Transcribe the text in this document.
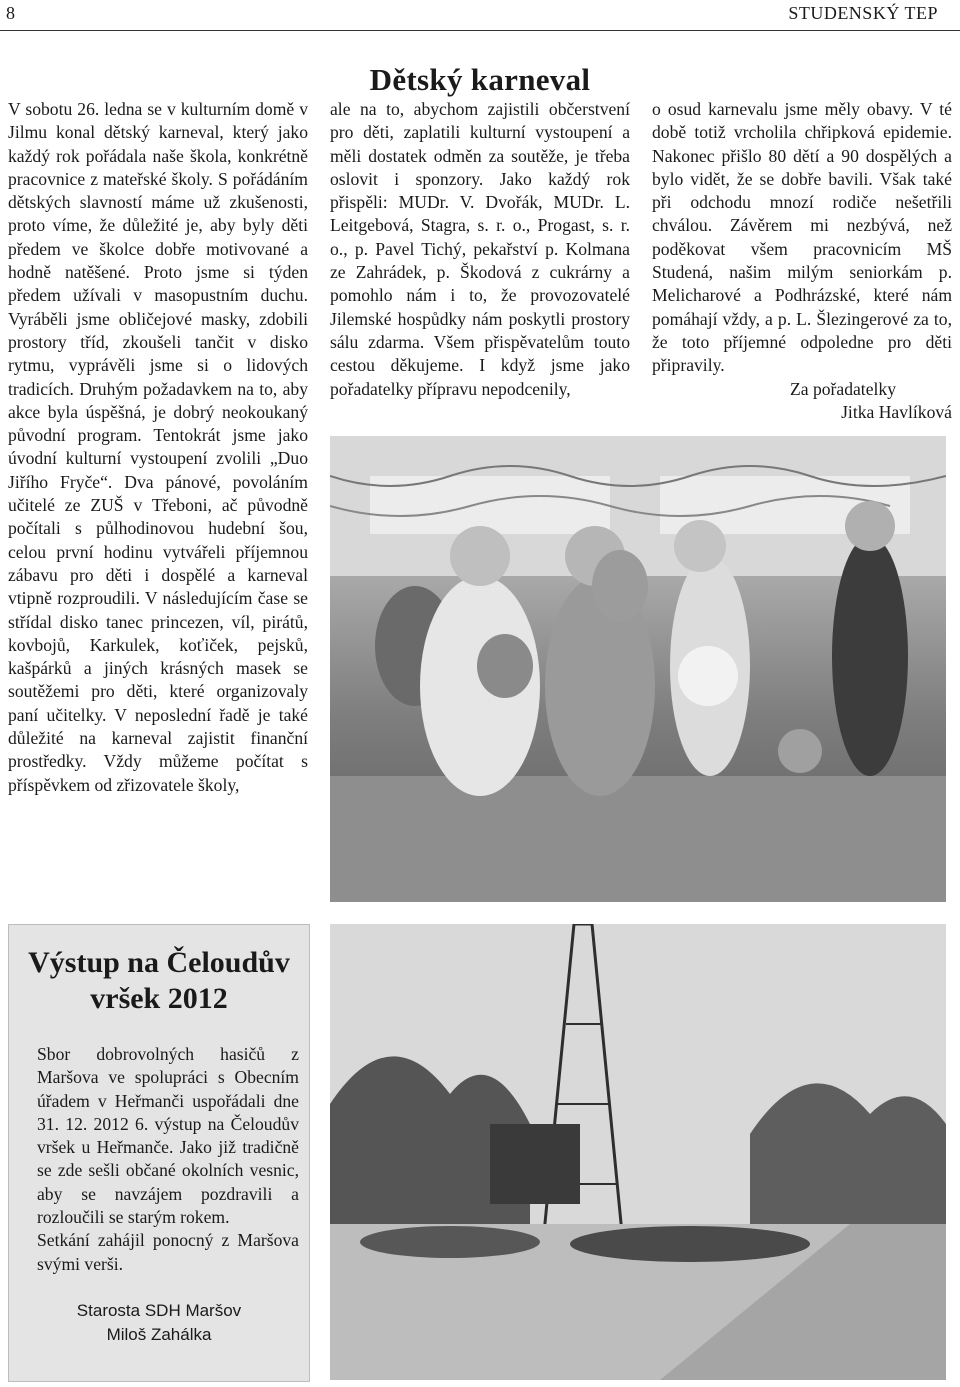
8	STUDENSKÝ TEP
Dětský karneval

V sobotu 26. ledna se v kulturním domě v Jilmu konal dětský karneval, který jako každý rok pořádala naše škola, konkrétně pracovnice z mateřské školy. S pořádáním dětských slavností máme už zkušenosti, proto víme, že důležité je, aby byly děti předem ve školce dobře motivované a hodně natěšené. Proto jsme si týden předem užívali v masopustním duchu. Vyráběli jsme obličejové masky, zdobili prostory tříd, zkoušeli tančit v disko rytmu, vyprávěli jsme si o lidových tradicích. Druhým požadavkem na to, aby akce byla úspěšná, je dobrý neokoukaný původní program. Tentokrát jsme jako úvodní kulturní vystoupení zvolili „Duo Jiřího Fryče“. Dva pánové, povoláním učitelé ze ZUŠ v Třeboni, ač původně počítali s půlhodinovou hudební šou, celou první hodinu vytvářeli příjemnou zábavu pro děti i dospělé a karneval vtipně rozproudili. V následujícím čase se střídal disko tanec princezen, víl, pirátů, kovbojů, Karkulek, koťiček, pejsků, kašpárků a jiných krásných masek se soutěžemi pro děti, které organizovaly paní učitelky. V neposlední řadě je také důležité na karneval zajistit finanční prostředky. Vždy můžeme počítat s příspěvkem od zřizovatele školy,

ale na to, abychom zajistili občerstvení pro děti, zaplatili kulturní vystoupení a měli dostatek odměn za soutěže, je třeba oslovit i sponzory. Jako každý rok přispěli: MUDr. V. Dvořák, MUDr. L. Leitgebová, Stagra, s. r. o., Progast, s. r. o., p. Pavel Tichý, pekařství p. Kolmana ze Zahrádek, p. Škodová z cukrárny a pomohlo nám i to, že provozovatelé Jilemské hospůdky nám poskytli prostory sálu zdarma. Všem přispěvatelům touto cestou děkujeme. I když jsme jako pořadatelky přípravu nepodcenily,

o osud karnevalu jsme měly obavy. V té době totiž vrcholila chřipková epidemie. Nakonec přišlo 80 dětí a 90 dospělých a bylo vidět, že se dobře bavili. Však také při odchodu mnozí rodiče nešetřili chválou. Závěrem mi nezbývá, než poděkovat všem pracovnicím MŠ Studená, našim milým seniorkám p. Melicharové a Podhrázské, které nám pomáhají vždy, a p. L. Šlezingerové za to, že toto příjemné odpoledne pro děti připravily.

Za pořadatelky
Jitka Havlíková
Výstup na Čeloudův vršek 2012

Sbor dobrovolných hasičů z Maršova ve spolupráci s Obecním úřadem v Heřmanči uspořádali dne 31. 12. 2012 6. výstup na Čeloudův vršek u Heřmanče. Jako již tradičně se zde sešli občané okolních vesnic, aby se navzájem pozdravili a rozloučili se starým rokem.

Setkání zahájil ponocný z Maršova svými verši.

Starosta SDH Maršov
Miloš Zahálka
